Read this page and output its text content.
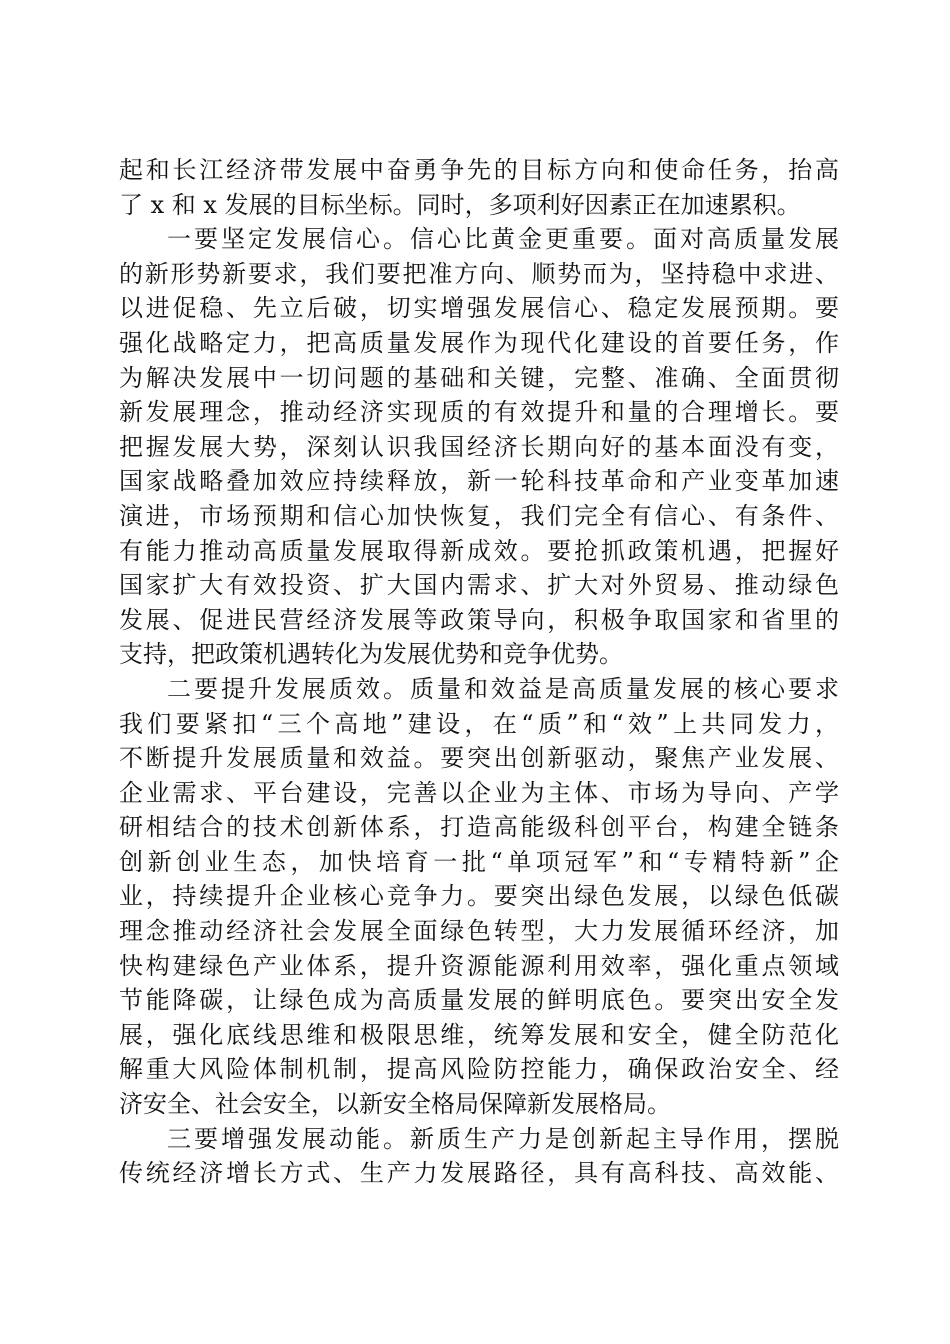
起和长江经济带发展中奋勇争先的目标方向和使命任务，抬高
了 x 和 x 发展的目标坐标。同时，多项利好因素正在加速累积。
一要坚定发展信心。信心比黄金更重要。面对高质量发展
的新形势新要求，我们要把准方向、顺势而为，坚持稳中求进、
以进促稳、先立后破，切实增强发展信心、稳定发展预期。要
强化战略定力，把高质量发展作为现代化建设的首要任务，作
为解决发展中一切问题的基础和关键，完整、准确、全面贯彻
新发展理念，推动经济实现质的有效提升和量的合理增长。要
把握发展大势，深刻认识我国经济长期向好的基本面没有变，
国家战略叠加效应持续释放，新一轮科技革命和产业变革加速
演进，市场预期和信心加快恢复，我们完全有信心、有条件、
有能力推动高质量发展取得新成效。要抢抓政策机遇，把握好
国家扩大有效投资、扩大国内需求、扩大对外贸易、推动绿色
发展、促进民营经济发展等政策导向，积极争取国家和省里的
支持，把政策机遇转化为发展优势和竞争优势。
二要提升发展质效。质量和效益是高质量发展的核心要求
我们要紧扣“三个高地”建设，在“质”和“效”上共同发力，
不断提升发展质量和效益。要突出创新驱动，聚焦产业发展、
企业需求、平台建设，完善以企业为主体、市场为导向、产学
研相结合的技术创新体系，打造高能级科创平台，构建全链条
创新创业生态，加快培育一批“单项冠军”和“专精特新”企
业，持续提升企业核心竞争力。要突出绿色发展，以绿色低碳
理念推动经济社会发展全面绿色转型，大力发展循环经济，加
快构建绿色产业体系，提升资源能源利用效率，强化重点领域
节能降碳，让绿色成为高质量发展的鲜明底色。要突出安全发
展，强化底线思维和极限思维，统筹发展和安全，健全防范化
解重大风险体制机制，提高风险防控能力，确保政治安全、经
济安全、社会安全，以新安全格局保障新发展格局。
三要增强发展动能。新质生产力是创新起主导作用，摆脱
传统经济增长方式、生产力发展路径，具有高科技、高效能、
